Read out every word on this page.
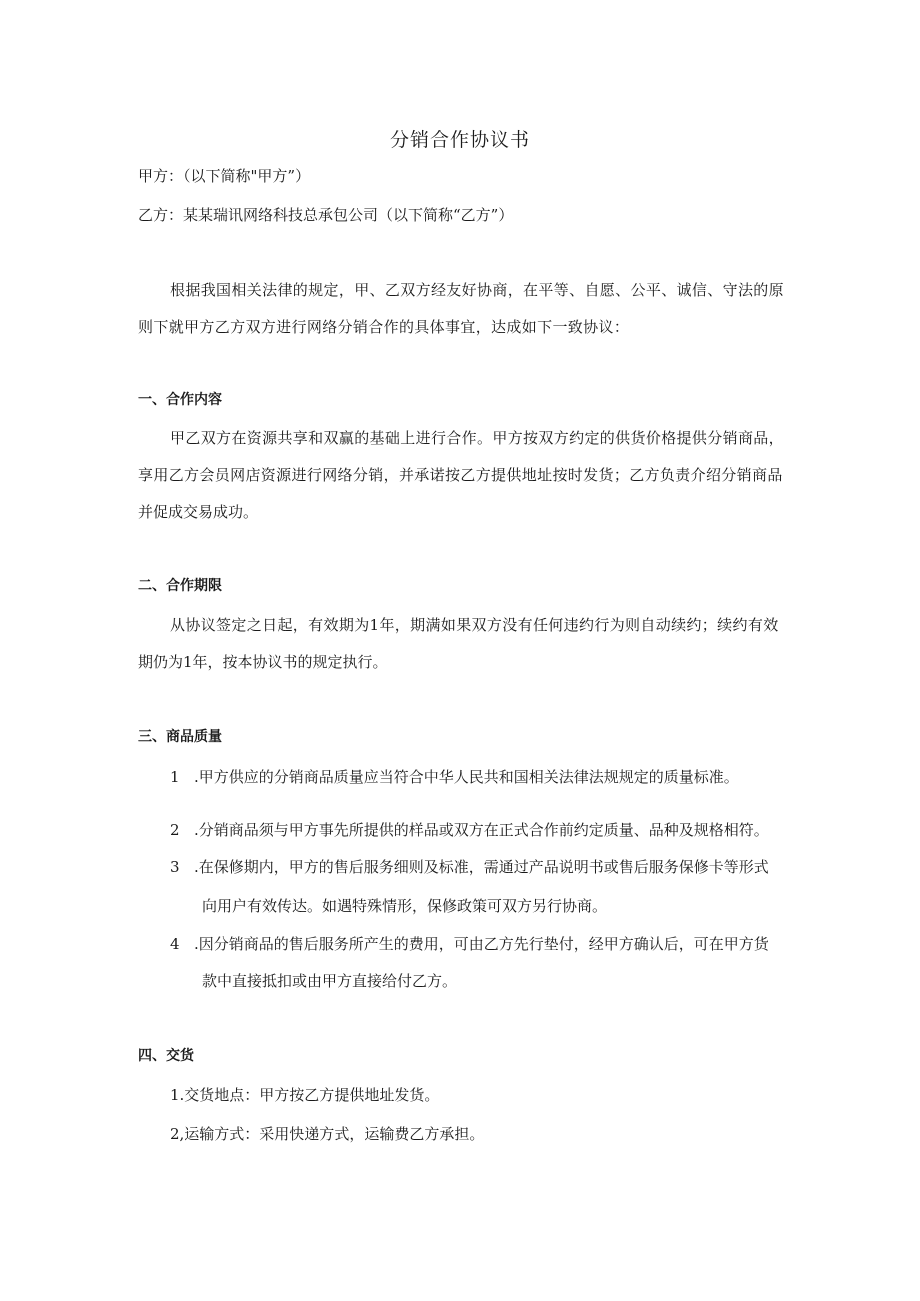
分销合作协议书
甲方：（以下简称"甲方”）
乙方：某某瑞讯网络科技总承包公司（以下简称“乙方”）
根据我国相关法律的规定，甲、乙双方经友好协商，在平等、自愿、公平、诚信、守法的原
则下就甲方乙方双方进行网络分销合作的具体事宜，达成如下一致协议：
一、合作内容
甲乙双方在资源共享和双赢的基础上进行合作。甲方按双方约定的供货价格提供分销商品，
享用乙方会员网店资源进行网络分销，并承诺按乙方提供地址按时发货；乙方负责介绍分销商品
并促成交易成功。
二、合作期限
从协议签定之日起，有效期为1年，期满如果双方没有任何违约行为则自动续约；续约有效
期仍为1年，按本协议书的规定执行。
三、商品质量
1 .甲方供应的分销商品质量应当符合中华人民共和国相关法律法规规定的质量标准。
2 .分销商品须与甲方事先所提供的样品或双方在正式合作前约定质量、品种及规格相符。
3 .在保修期内，甲方的售后服务细则及标准，需通过产品说明书或售后服务保修卡等形式
向用户有效传达。如遇特殊情形，保修政策可双方另行协商。
4 .因分销商品的售后服务所产生的费用，可由乙方先行垫付，经甲方确认后，可在甲方货
款中直接抵扣或由甲方直接给付乙方。
四、交货
1.交货地点：甲方按乙方提供地址发货。
2,运输方式：采用快递方式，运输费乙方承担。
